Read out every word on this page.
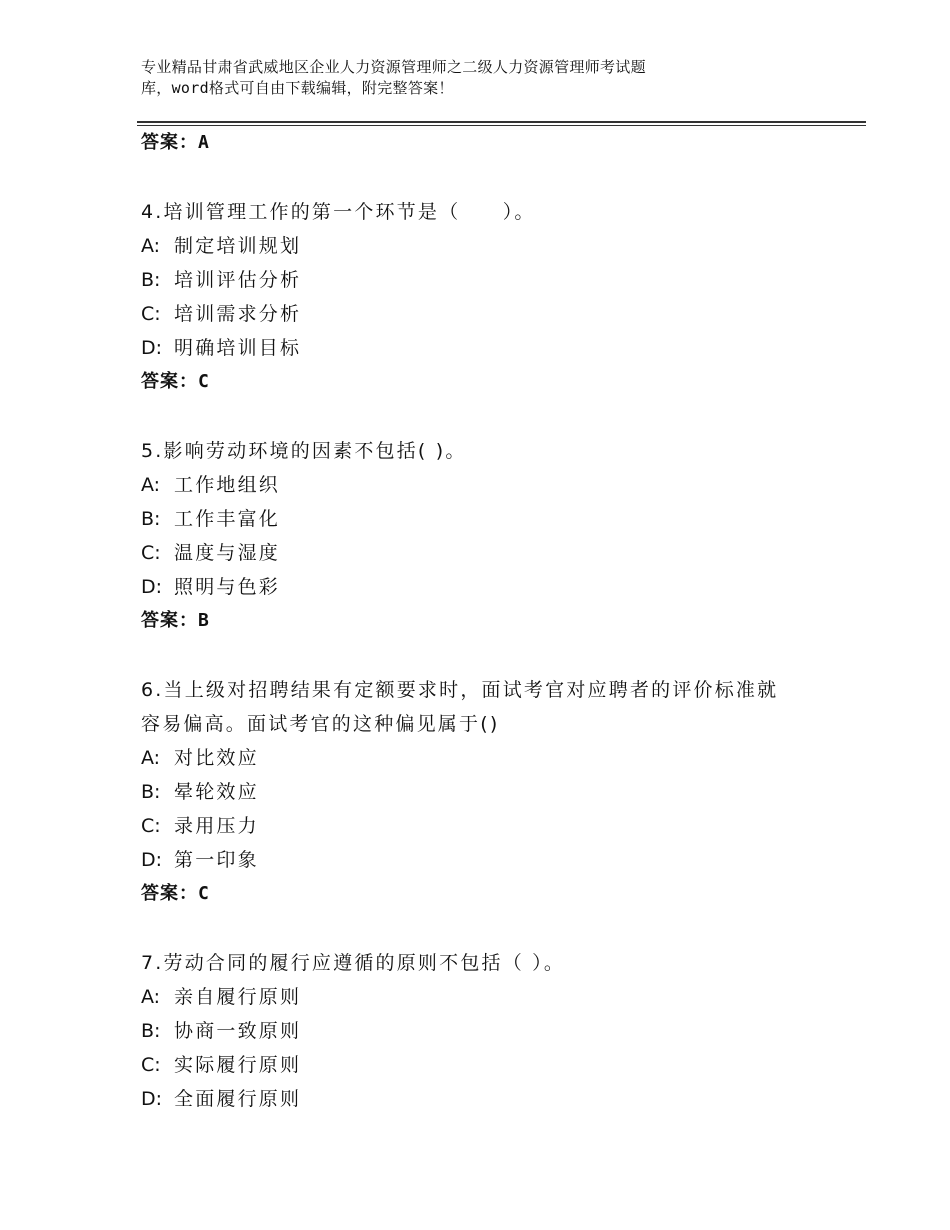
专业精品甘肃省武威地区企业人力资源管理师之二级人力资源管理师考试题
库，word格式可自由下载编辑，附完整答案！
答案：A
4.培训管理工作的第一个环节是（　　）。
A: 制定培训规划
B: 培训评估分析
C: 培训需求分析
D: 明确培训目标
答案：C
5.影响劳动环境的因素不包括( )。
A: 工作地组织
B: 工作丰富化
C: 温度与湿度
D: 照明与色彩
答案：B
6.当上级对招聘结果有定额要求时，面试考官对应聘者的评价标准就
容易偏高。面试考官的这种偏见属于()
A: 对比效应
B: 晕轮效应
C: 录用压力
D: 第一印象
答案：C
7.劳动合同的履行应遵循的原则不包括（ ）。
A: 亲自履行原则
B: 协商一致原则
C: 实际履行原则
D: 全面履行原则
